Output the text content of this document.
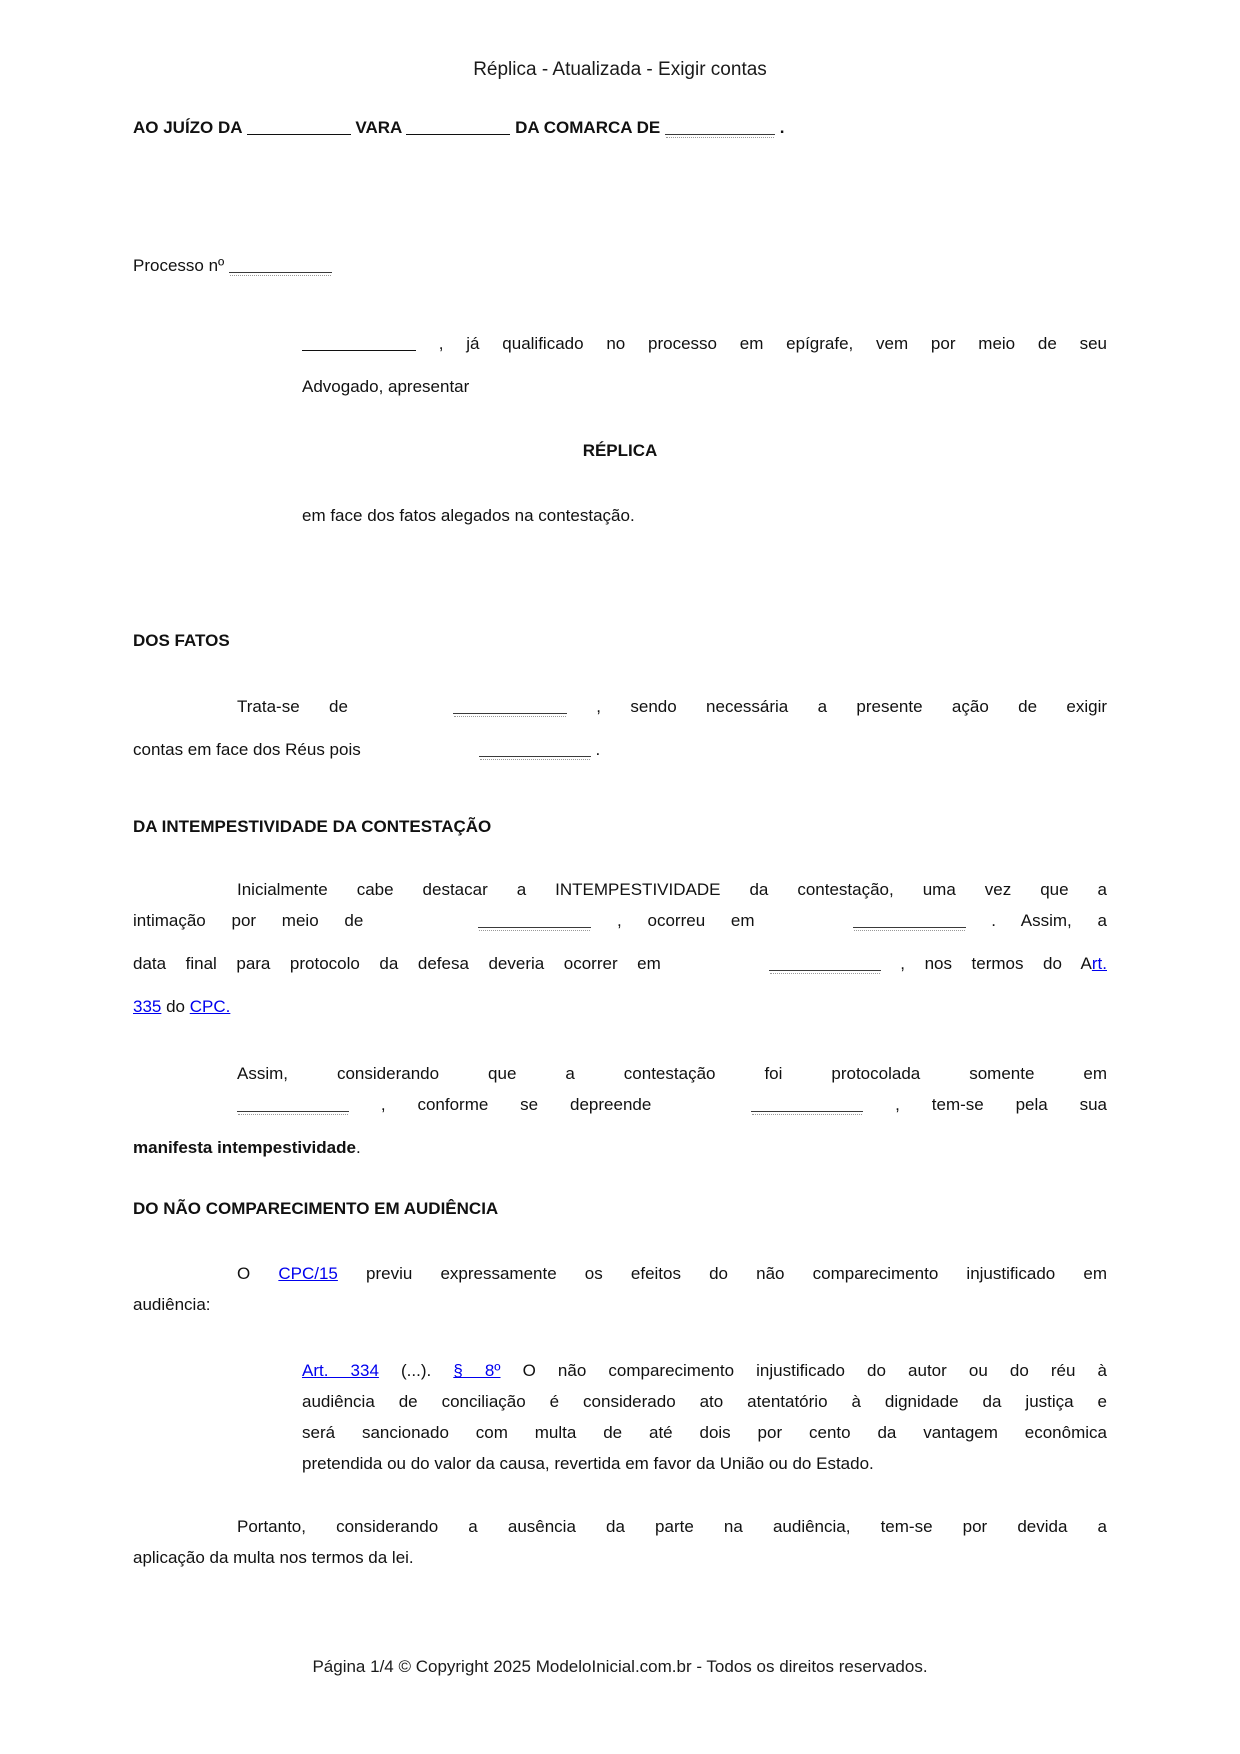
Réplica - Atualizada - Exigir contas
AO JUÍZO DA	VARA	DA COMARCA DE	.
Processo nº
, já qualificado no processo em epígrafe, vem por meio de seu
Advogado, apresentar
RÉPLICA
em face dos fatos alegados na contestação.
DOS FATOS
Trata-se de	, sendo necessária a presente ação de exigir
contas em face dos Réus pois	.
DA INTEMPESTIVIDADE DA CONTESTAÇÃO
Inicialmente cabe destacar a INTEMPESTIVIDADE da contestação, uma vez que a
intimação por meio de	, ocorreu em	. Assim, a
data final para protocolo da defesa deveria ocorrer em	, nos termos do Art.
335 do CPC.
Assim, considerando que a contestação foi protocolada somente em
, conforme se depreende	, tem-se pela sua
manifesta intempestividade.
DO NÃO COMPARECIMENTO EM AUDIÊNCIA
O CPC/15 previu expressamente os efeitos do não comparecimento injustificado em
audiência:
Art. 334 (...). § 8º O não comparecimento injustificado do autor ou do réu à
audiência de conciliação é considerado ato atentatório à dignidade da justiça e
será sancionado com multa de até dois por cento da vantagem econômica
pretendida ou do valor da causa, revertida em favor da União ou do Estado.
Portanto, considerando a ausência da parte na audiência, tem-se por devida a
aplicação da multa nos termos da lei.
Página 1/4 © Copyright 2025 ModeloInicial.com.br - Todos os direitos reservados.
